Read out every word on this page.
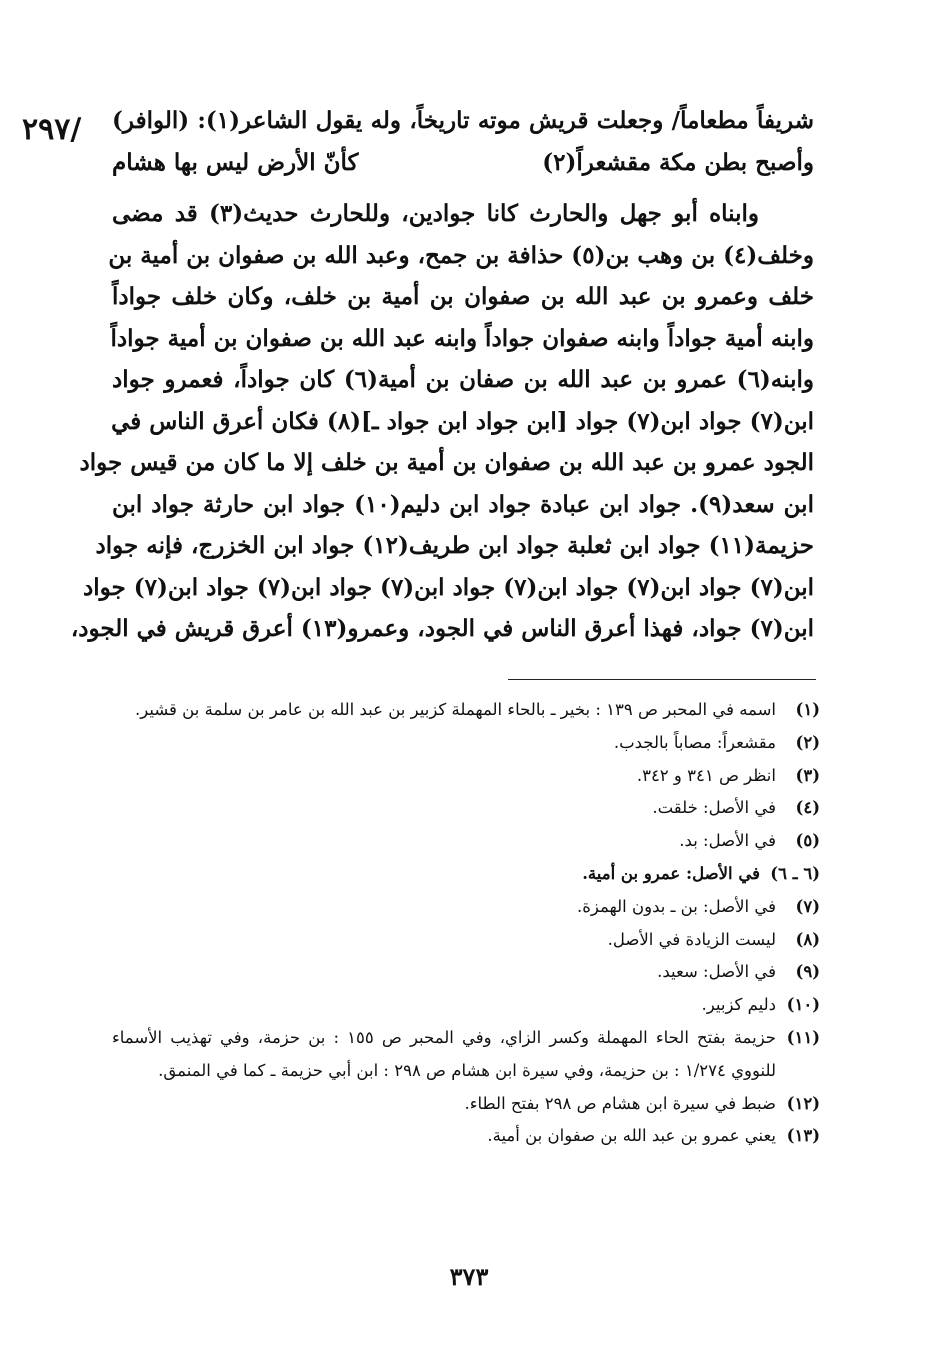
٢٩٧/ شريفاً مطعاماً/ وجعلت قريش موته تاريخاً، وله يقول الشاعر(١): (الوافر)
وأصبح بطن مكة مقشعراً(٢)
كأنّ الأرض ليس بها هشام
وابناه أبو جهل والحارث كانا جوادين، وللحارث حديث(٣) قد مضى
وخلف(٤) بن وهب بن(٥) حذافة بن جمح، وعبد الله بن صفوان بن أمية بن
خلف وعمرو بن عبد الله بن صفوان بن أمية بن خلف، وكان خلف جواداً
وابنه أمية جواداً وابنه صفوان جواداً وابنه عبد الله بن صفوان بن أمية جواداً
وابنه(٦) عمرو بن عبد الله بن صفان بن أمية(٦) كان جواداً، فعمرو جواد
ابن(٧) جواد ابن(٧) جواد [ابن جواد ابن جواد ـ](٨) فكان أعرق الناس في
الجود عمرو بن عبد الله بن صفوان بن أمية بن خلف إلا ما كان من قيس جواد
ابن سعد(٩). جواد ابن عبادة جواد ابن دليم(١٠) جواد ابن حارثة جواد ابن
حزيمة(١١) جواد ابن ثعلبة جواد ابن طريف(١٢) جواد ابن الخزرج، فإنه جواد
ابن(٧) جواد ابن(٧) جواد ابن(٧) جواد ابن(٧) جواد ابن(٧) جواد ابن(٧) جواد
ابن(٧) جواد، فهذا أعرق الناس في الجود، وعمرو(١٣) أعرق قريش في الجود،
(١)
اسمه في المحبر ص ١٣٩ : بخير ـ بالحاء المهملة كزبير بن عبد الله بن عامر بن سلمة بن قشير.
(٢)
مقشعراً: مصاباً بالجدب.
(٣)
انظر ص ٣٤١ و ٣٤٢.
(٤)
في الأصل: خلقت.
(٥)
في الأصل: بد.
(٦ ـ ٦)
في الأصل: عمرو بن أمية.
(٧)
في الأصل: بن ـ بدون الهمزة.
(٨)
ليست الزيادة في الأصل.
(٩)
في الأصل: سعيد.
(١٠)
دليم كزبير.
(١١)
حزيمة بفتح الحاء المهملة وكسر الزاي، وفي المحبر ص ١٥٥ : بن حزمة، وفي تهذيب الأسماء للنووي ١/٢٧٤ : بن حزيمة، وفي سيرة ابن هشام ص ٢٩٨ : ابن أبي حزيمة ـ كما في المنمق.
(١٢)
ضبط في سيرة ابن هشام ص ٢٩٨ بفتح الطاء.
(١٣)
يعني عمرو بن عبد الله بن صفوان بن أمية.
٣٧٣
